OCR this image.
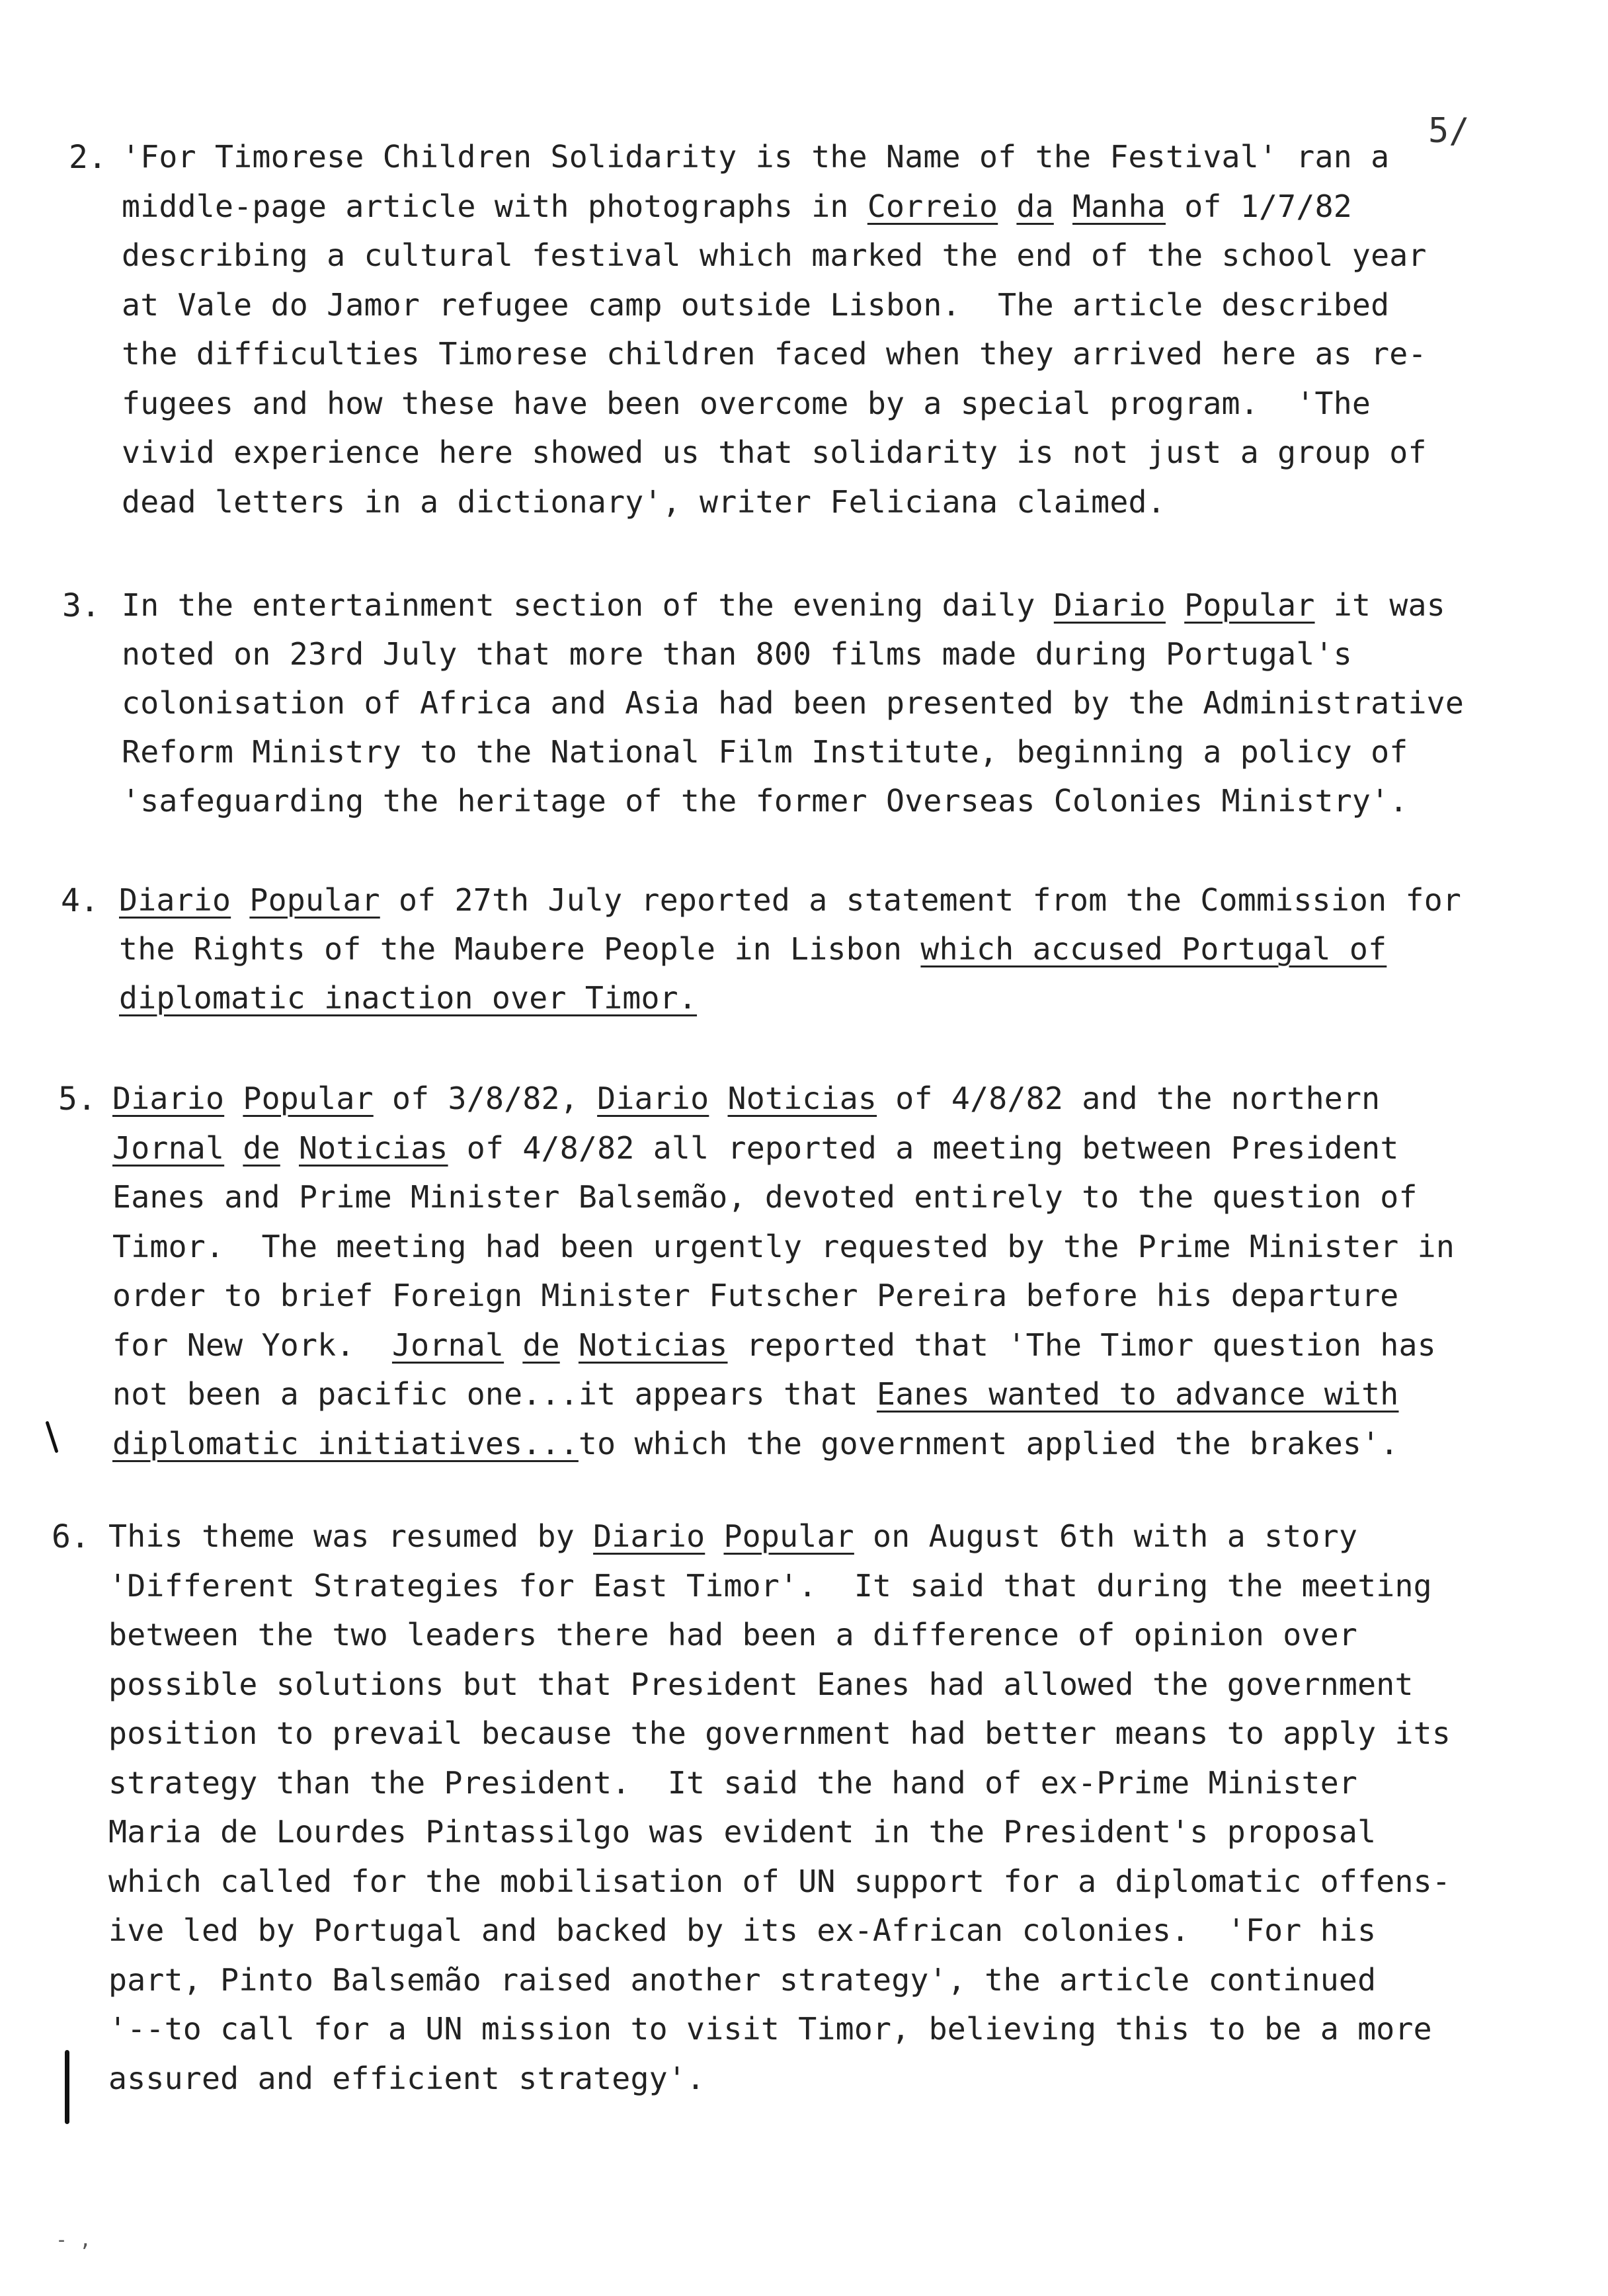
5/
2. 'For Timorese Children Solidarity is the Name of the Festival' ran a
middle-page article with photographs in Correio da Manha of 1/7/82
describing a cultural festival which marked the end of the school year
at Vale do Jamor refugee camp outside Lisbon.  The article described
the difficulties Timorese children faced when they arrived here as re-
fugees and how these have been overcome by a special program.  'The
vivid experience here showed us that solidarity is not just a group of
dead letters in a dictionary', writer Feliciana claimed.
3. In the entertainment section of the evening daily Diario Popular it was
noted on 23rd July that more than 800 films made during Portugal's
colonisation of Africa and Asia had been presented by the Administrative
Reform Ministry to the National Film Institute, beginning a policy of
'safeguarding the heritage of the former Overseas Colonies Ministry'.
4. Diario Popular of 27th July reported a statement from the Commission for
the Rights of the Maubere People in Lisbon which accused Portugal of
diplomatic inaction over Timor.
5. Diario Popular of 3/8/82, Diario Noticias of 4/8/82 and the northern
Jornal de Noticias of 4/8/82 all reported a meeting between President
Eanes and Prime Minister Balsemão, devoted entirely to the question of
Timor.  The meeting had been urgently requested by the Prime Minister in
order to brief Foreign Minister Futscher Pereira before his departure
for New York.  Jornal de Noticias reported that 'The Timor question has
not been a pacific one...it appears that Eanes wanted to advance with
diplomatic initiatives...to which the government applied the brakes'.
6. This theme was resumed by Diario Popular on August 6th with a story
'Different Strategies for East Timor'.  It said that during the meeting
between the two leaders there had been a difference of opinion over
possible solutions but that President Eanes had allowed the government
position to prevail because the government had better means to apply its
strategy than the President.  It said the hand of ex-Prime Minister
Maria de Lourdes Pintassilgo was evident in the President's proposal
which called for the mobilisation of UN support for a diplomatic offens-
ive led by Portugal and backed by its ex-African colonies.  'For his
part, Pinto Balsemão raised another strategy', the article continued
'--to call for a UN mission to visit Timor, believing this to be a more
assured and efficient strategy'.
- ,
